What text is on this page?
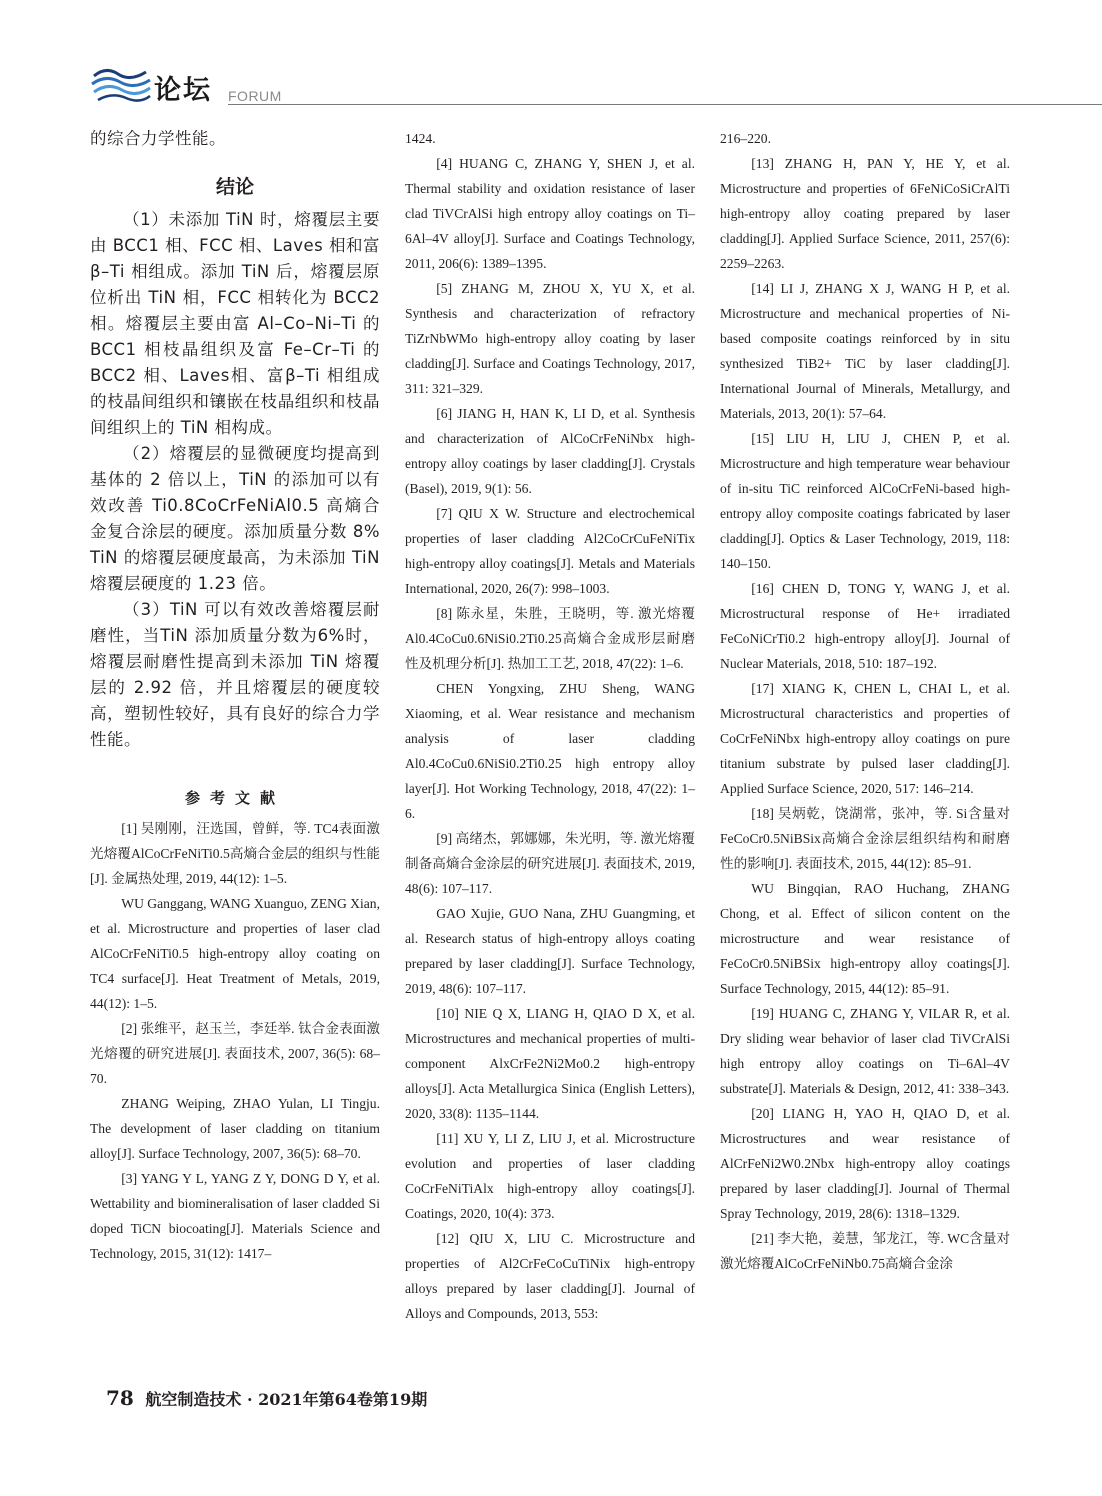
论坛 FORUM

的综合力学性能。

结论

（1）未添加 TiN 时，熔覆层主要由 BCC1 相、FCC 相、Laves 相和富β–Ti 相组成。添加 TiN 后，熔覆层原位析出 TiN 相，FCC 相转化为 BCC2 相。熔覆层主要由富 Al–Co–Ni–Ti 的 BCC1 相枝晶组织及富 Fe–Cr–Ti 的 BCC2 相、Laves相、富β–Ti 相组成的枝晶间组织和镶嵌在枝晶组织和枝晶间组织上的 TiN 相构成。

（2）熔覆层的显微硬度均提高到基体的 2 倍以上，TiN 的添加可以有效改善 Ti0.8CoCrFeNiAl0.5 高熵合金复合涂层的硬度。添加质量分数 8% TiN 的熔覆层硬度最高，为未添加 TiN 熔覆层硬度的 1.23 倍。

（3）TiN 可以有效改善熔覆层耐磨性，当TiN 添加质量分数为6%时，熔覆层耐磨性提高到未添加 TiN 熔覆层的 2.92 倍，并且熔覆层的硬度较高，塑韧性较好，具有良好的综合力学性能。

参考文献

[1] 吴刚刚，汪选国，曾鲜，等. TC4表面激光熔覆AlCoCrFeNiTi0.5高熵合金层的组织与性能[J]. 金属热处理, 2019, 44(12): 1–5.

WU Ganggang, WANG Xuanguo, ZENG Xian, et al. Microstructure and properties of laser clad AlCoCrFeNiTi0.5 high-entropy alloy coating on TC4 surface[J]. Heat Treatment of Metals, 2019, 44(12): 1–5.

[2] 张维平，赵玉兰，李廷举. 钛合金表面激光熔覆的研究进展[J]. 表面技术, 2007, 36(5): 68–70.

ZHANG Weiping, ZHAO Yulan, LI Tingju. The development of laser cladding on titanium alloy[J]. Surface Technology, 2007, 36(5): 68–70.

[3] YANG Y L, YANG Z Y, DONG D Y, et al. Wettability and biomineralisation of laser cladded Si doped TiCN biocoating[J]. Materials Science and Technology, 2015, 31(12): 1417–

1424.

[4] HUANG C, ZHANG Y, SHEN J, et al. Thermal stability and oxidation resistance of laser clad TiVCrAlSi high entropy alloy coatings on Ti–6Al–4V alloy[J]. Surface and Coatings Technology, 2011, 206(6): 1389–1395.

[5] ZHANG M, ZHOU X, YU X, et al. Synthesis and characterization of refractory TiZrNbWMo high-entropy alloy coating by laser cladding[J]. Surface and Coatings Technology, 2017, 311: 321–329.

[6] JIANG H, HAN K, LI D, et al. Synthesis and characterization of AlCoCrFeNiNbx high-entropy alloy coatings by laser cladding[J]. Crystals (Basel), 2019, 9(1): 56.

[7] QIU X W. Structure and electrochemical properties of laser cladding Al2CoCrCuFeNiTix high-entropy alloy coatings[J]. Metals and Materials International, 2020, 26(7): 998–1003.

[8] 陈永星，朱胜，王晓明，等. 激光熔覆Al0.4CoCu0.6NiSi0.2Ti0.25高熵合金成形层耐磨性及机理分析[J]. 热加工工艺, 2018, 47(22): 1–6.

CHEN Yongxing, ZHU Sheng, WANG Xiaoming, et al. Wear resistance and mechanism analysis of laser cladding Al0.4CoCu0.6NiSi0.2Ti0.25 high entropy alloy layer[J]. Hot Working Technology, 2018, 47(22): 1–6.

[9] 高绪杰，郭娜娜，朱光明，等. 激光熔覆制备高熵合金涂层的研究进展[J]. 表面技术, 2019, 48(6): 107–117.

GAO Xujie, GUO Nana, ZHU Guangming, et al. Research status of high-entropy alloys coating prepared by laser cladding[J]. Surface Technology, 2019, 48(6): 107–117.

[10] NIE Q X, LIANG H, QIAO D X, et al. Microstructures and mechanical properties of multi-component AlxCrFe2Ni2Mo0.2 high-entropy alloys[J]. Acta Metallurgica Sinica (English Letters), 2020, 33(8): 1135–1144.

[11] XU Y, LI Z, LIU J, et al. Microstructure evolution and properties of laser cladding CoCrFeNiTiAlx high-entropy alloy coatings[J]. Coatings, 2020, 10(4): 373.

[12] QIU X, LIU C. Microstructure and properties of Al2CrFeCoCuTiNix high-entropy alloys prepared by laser cladding[J]. Journal of Alloys and Compounds, 2013, 553:

216–220.

[13] ZHANG H, PAN Y, HE Y, et al. Microstructure and properties of 6FeNiCoSiCrAlTi high-entropy alloy coating prepared by laser cladding[J]. Applied Surface Science, 2011, 257(6): 2259–2263.

[14] LI J, ZHANG X J, WANG H P, et al. Microstructure and mechanical properties of Ni-based composite coatings reinforced by in situ synthesized TiB2+ TiC by laser cladding[J]. International Journal of Minerals, Metallurgy, and Materials, 2013, 20(1): 57–64.

[15] LIU H, LIU J, CHEN P, et al. Microstructure and high temperature wear behaviour of in-situ TiC reinforced AlCoCrFeNi-based high-entropy alloy composite coatings fabricated by laser cladding[J]. Optics & Laser Technology, 2019, 118: 140–150.

[16] CHEN D, TONG Y, WANG J, et al. Microstructural response of He+ irradiated FeCoNiCrTi0.2 high-entropy alloy[J]. Journal of Nuclear Materials, 2018, 510: 187–192.

[17] XIANG K, CHEN L, CHAI L, et al. Microstructural characteristics and properties of CoCrFeNiNbx high-entropy alloy coatings on pure titanium substrate by pulsed laser cladding[J]. Applied Surface Science, 2020, 517: 146–214.

[18] 吴炳乾，饶湖常，张冲，等. Si含量对FeCoCr0.5NiBSix高熵合金涂层组织结构和耐磨性的影响[J]. 表面技术, 2015, 44(12): 85–91.

WU Bingqian, RAO Huchang, ZHANG Chong, et al. Effect of silicon content on the microstructure and wear resistance of FeCoCr0.5NiBSix high-entropy alloy coatings[J]. Surface Technology, 2015, 44(12): 85–91.

[19] HUANG C, ZHANG Y, VILAR R, et al. Dry sliding wear behavior of laser clad TiVCrAlSi high entropy alloy coatings on Ti–6Al–4V substrate[J]. Materials & Design, 2012, 41: 338–343.

[20] LIANG H, YAO H, QIAO D, et al. Microstructures and wear resistance of AlCrFeNi2W0.2Nbx high-entropy alloy coatings prepared by laser cladding[J]. Journal of Thermal Spray Technology, 2019, 28(6): 1318–1329.

[21] 李大艳，姜慧，邹龙江，等. WC含量对激光熔覆AlCoCrFeNiNb0.75高熵合金涂

78 航空制造技术 · 2021年第64卷第19期
